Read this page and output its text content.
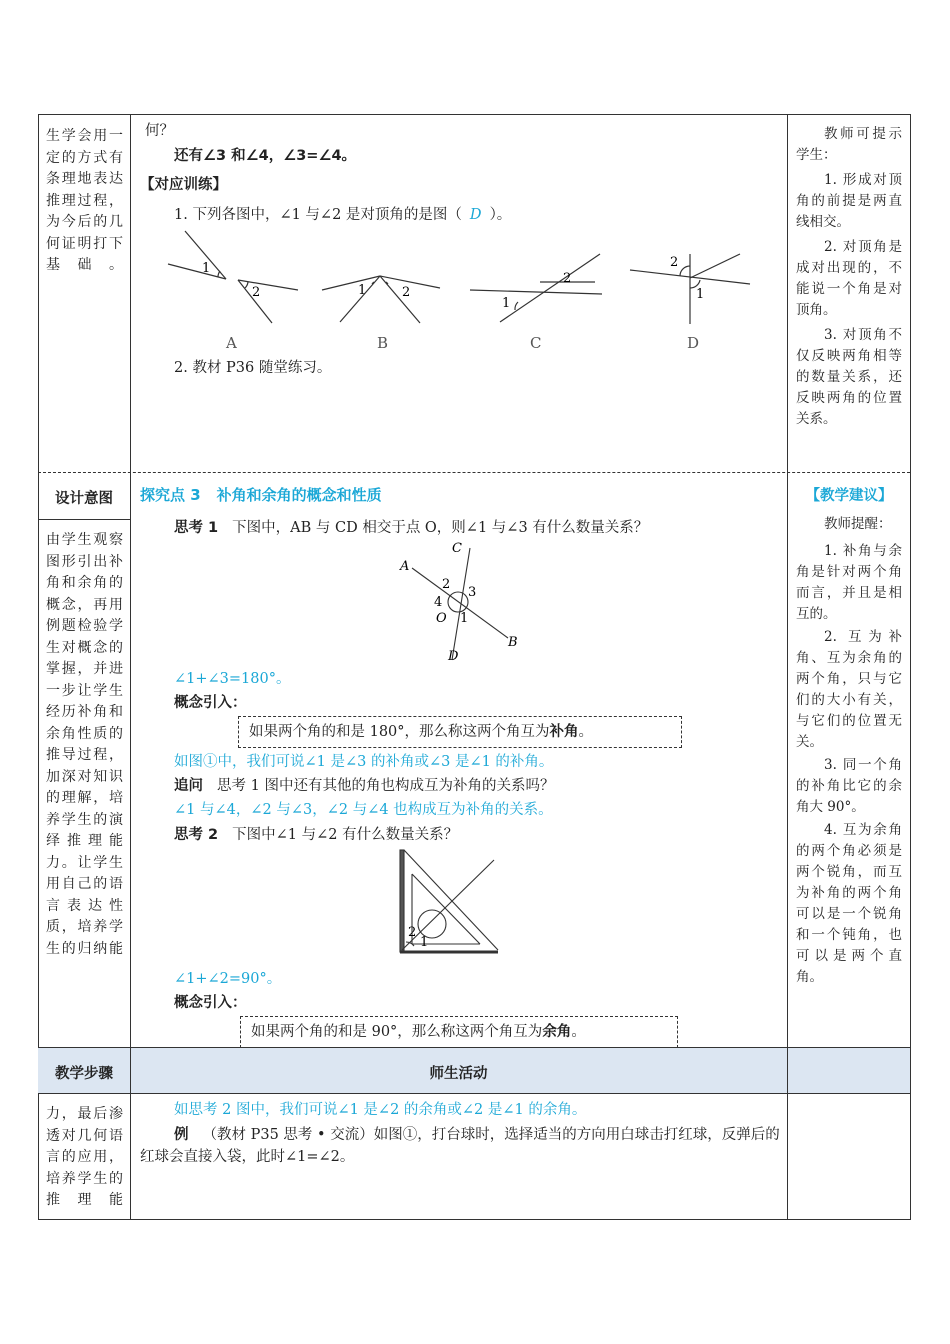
生学会用一定的方式有条理地表达推理过程，为今后的几何证明打下基础。
设计意图
由学生观察图形引出补角和余角的概念，再用例题检验学生对概念的掌握，并进一步让学生经历补角和余角性质的推导过程，加深对知识的理解，培养学生的演绎推理能力。让学生用自己的语言表达性质，培养学生的归纳能
力，最后渗透对几何语言的应用，培养学生的推理能
何？
还有∠3 和∠4，∠3=∠4。
【对应训练】
1. 下列各图中，∠1 与∠2 是对顶角的是图（ D ）。
1
2
A
1	2
B
1
2
C
2
1
D
2. 教材 P36 随堂练习。

教师可提示学生：

1. 形成对顶角的前提是两直线相交。

2. 对顶角是成对出现的，不能说一个角是对顶角。

3. 对顶角不仅反映两角相等的数量关系，还反映两角的位置关系。

探究点 3 补角和余角的概念和性质
思考 1 下图中，AB 与 CD 相交于点 O，则∠1 与∠3 有什么数量关系？
A
C
B
D
O
2
3
4
1
∠1+∠3=180°。
概念引入：
如果两个角的和是 180°，那么称这两个角互为补角。
如图①中，我们可说∠1 是∠3 的补角或∠3 是∠1 的补角。
追问 思考 1 图中还有其他的角也构成互为补角的关系吗？
∠1 与∠4，∠2 与∠3，∠2 与∠4 也构成互为补角的关系。
思考 2 下图中∠1 与∠2 有什么数量关系？
2
1
∠1+∠2=90°。
概念引入：
如果两个角的和是 90°，那么称这两个角互为余角。
【教学建议】

教师提醒：

1. 补角与余角是针对两个角而言，并且是相互的。

2. 互为补角、互为余角的两个角，只与它们的大小有关，与它们的位置无关。

3. 同一个角的补角比它的余角大 90°。

4. 互为余角的两个角必须是两个锐角，而互为补角的两个角可以是一个锐角和一个钝角，也可以是两个直角。

教学步骤	师生活动
如思考 2 图中，我们可说∠1 是∠2 的余角或∠2 是∠1 的余角。
例 （教材 P35 思考 • 交流）如图①，打台球时，选择适当的方向用白球击打红球，反弹后的红球会直接入袋，此时∠1=∠2。
